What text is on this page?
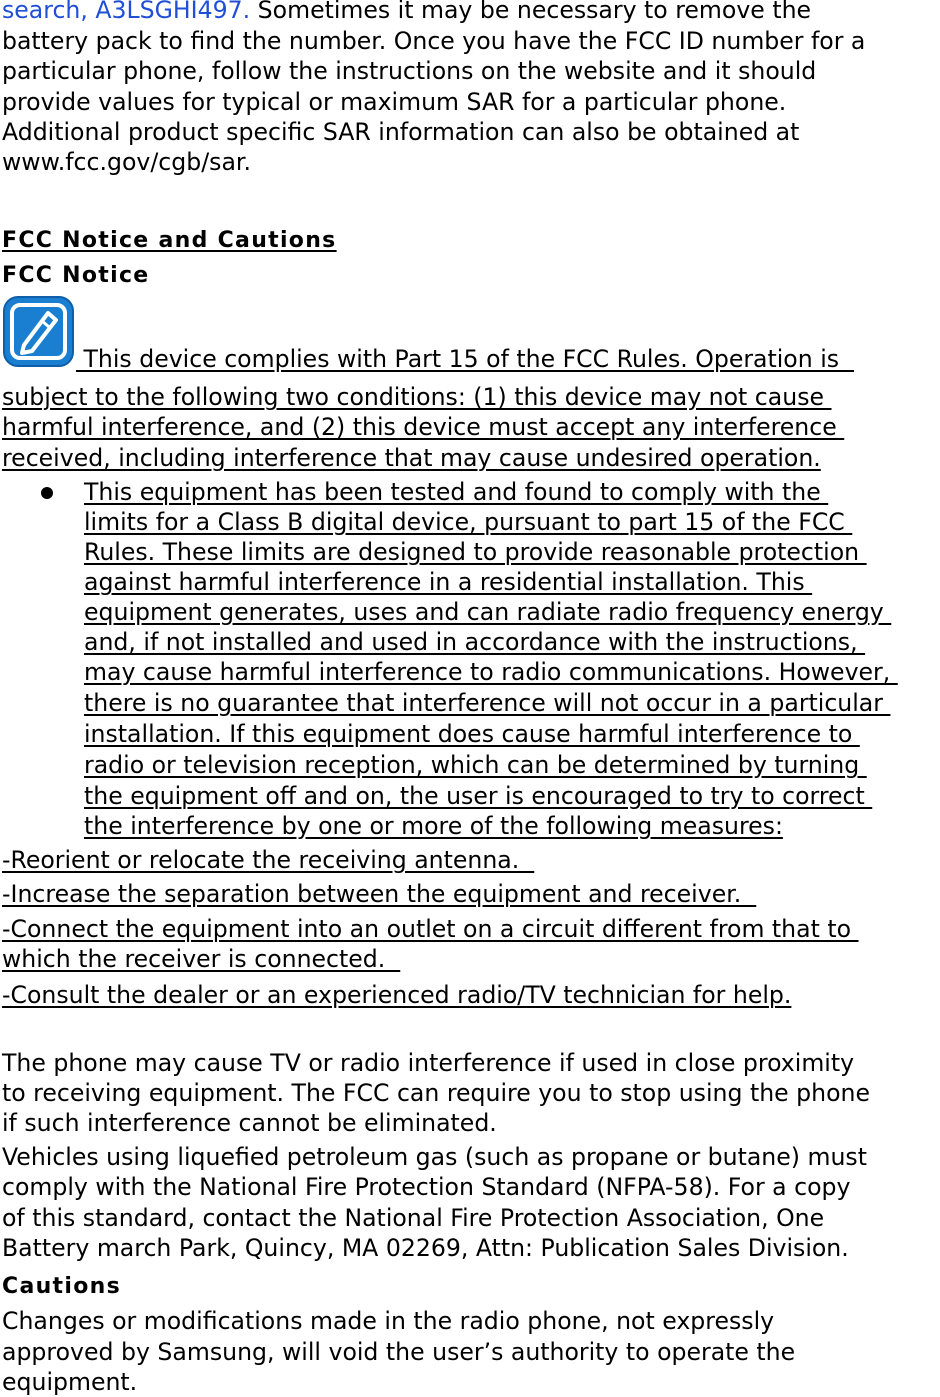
search, A3LSGHI497. Sometimes it may be necessary to remove the
battery pack to find the number. Once you have the FCC ID number for a
particular phone, follow the instructions on the website and it should
provide values for typical or maximum SAR for a particular phone.
Additional product specific SAR information can also be obtained at
www.fcc.gov/cgb/sar.
FCC Notice and Cautions
FCC Notice
This device complies with Part 15 of the FCC Rules. Operation is
subject to the following two conditions: (1) this device may not cause
harmful interference, and (2) this device must accept any interference
received, including interference that may cause undesired operation.
This equipment has been tested and found to comply with the
limits for a Class B digital device, pursuant to part 15 of the FCC
Rules. These limits are designed to provide reasonable protection
against harmful interference in a residential installation. This
equipment generates, uses and can radiate radio frequency energy
and, if not installed and used in accordance with the instructions,
may cause harmful interference to radio communications. However,
there is no guarantee that interference will not occur in a particular
installation. If this equipment does cause harmful interference to
radio or television reception, which can be determined by turning
the equipment off and on, the user is encouraged to try to correct
the interference by one or more of the following measures:
-Reorient or relocate the receiving antenna.
-Increase the separation between the equipment and receiver.
-Connect the equipment into an outlet on a circuit different from that to
which the receiver is connected.
-Consult the dealer or an experienced radio/TV technician for help.
The phone may cause TV or radio interference if used in close proximity
to receiving equipment. The FCC can require you to stop using the phone
if such interference cannot be eliminated.
Vehicles using liquefied petroleum gas (such as propane or butane) must
comply with the National Fire Protection Standard (NFPA-58). For a copy
of this standard, contact the National Fire Protection Association, One
Battery march Park, Quincy, MA 02269, Attn: Publication Sales Division.
Cautions
Changes or modifications made in the radio phone, not expressly
approved by Samsung, will void the user’s authority to operate the
equipment.
